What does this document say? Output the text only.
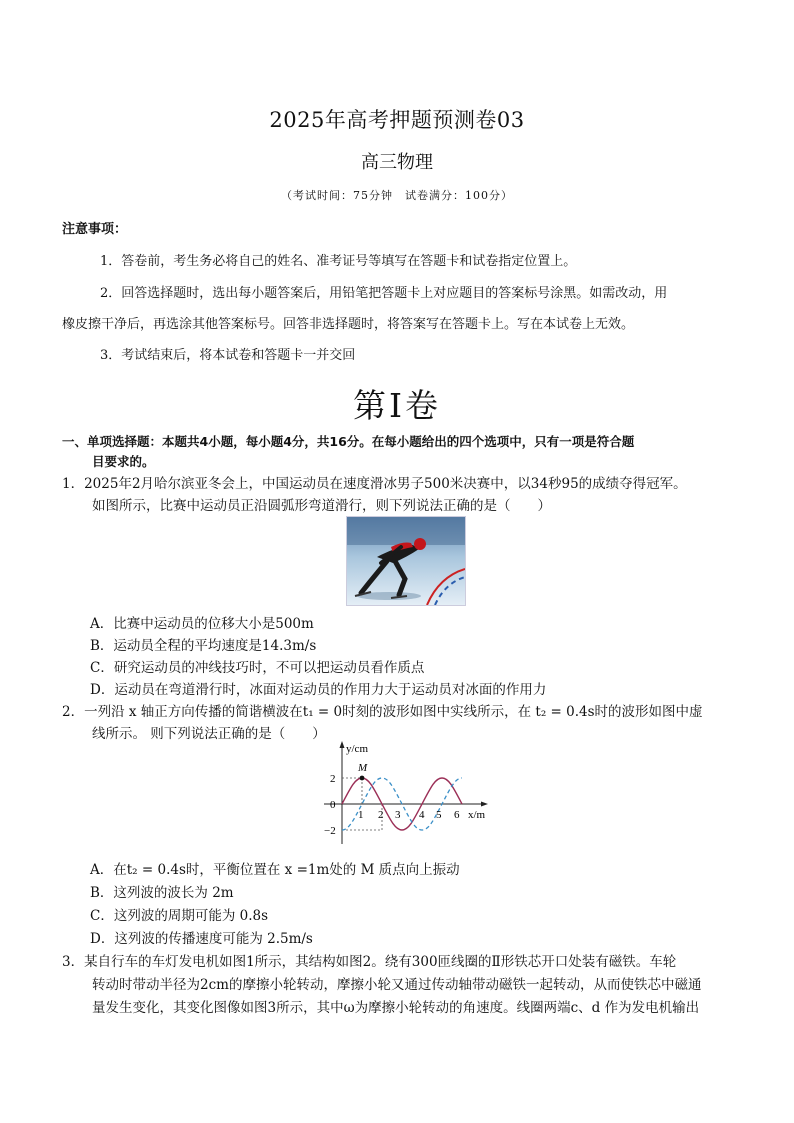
2025年高考押题预测卷03
高三物理
（考试时间：75分钟　试卷满分：100分）
注意事项：
1．答卷前，考生务必将自己的姓名、准考证号等填写在答题卡和试卷指定位置上。
2．回答选择题时，选出每小题答案后，用铅笔把答题卡上对应题目的答案标号涂黑。如需改动，用
橡皮擦干净后，再选涂其他答案标号。回答非选择题时，将答案写在答题卡上。写在本试卷上无效。
3．考试结束后，将本试卷和答题卡一并交回
第Ⅰ卷
一、单项选择题：本题共4小题，每小题4分，共16分。在每小题给出的四个选项中，只有一项是符合题
目要求的。
1．2025年2月哈尔滨亚冬会上，中国运动员在速度滑冰男子500米决赛中，以34秒95的成绩夺得冠军。
如图所示，比赛中运动员正沿圆弧形弯道滑行，则下列说法正确的是（　　）
A．比赛中运动员的位移大小是500m
B．运动员全程的平均速度是14.3m/s
C．研究运动员的冲线技巧时，不可以把运动员看作质点
D．运动员在弯道滑行时，冰面对运动员的作用力大于运动员对冰面的作用力
2．一列沿 x 轴正方向传播的简谐横波在t₁ = 0时刻的波形如图中实线所示，在 t₂ = 0.4s时的波形如图中虚
线所示。 则下列说法正确的是（　　）
M
y/cm
x/m
2
0
−2
1 2 3 4 5 6
A．在t₂ = 0.4s时，平衡位置在 x =1m处的 M 质点向上振动
B．这列波的波长为 2m
C．这列波的周期可能为 0.8s
D．这列波的传播速度可能为 2.5m/s
3．某自行车的车灯发电机如图1所示，其结构如图2。绕有300匝线圈的Ⅱ形铁芯开口处装有磁铁。车轮
转动时带动半径为2cm的摩擦小轮转动，摩擦小轮又通过传动轴带动磁铁一起转动，从而使铁芯中磁通
量发生变化，其变化图像如图3所示，其中ω为摩擦小轮转动的角速度。线圈两端c、d 作为发电机输出
